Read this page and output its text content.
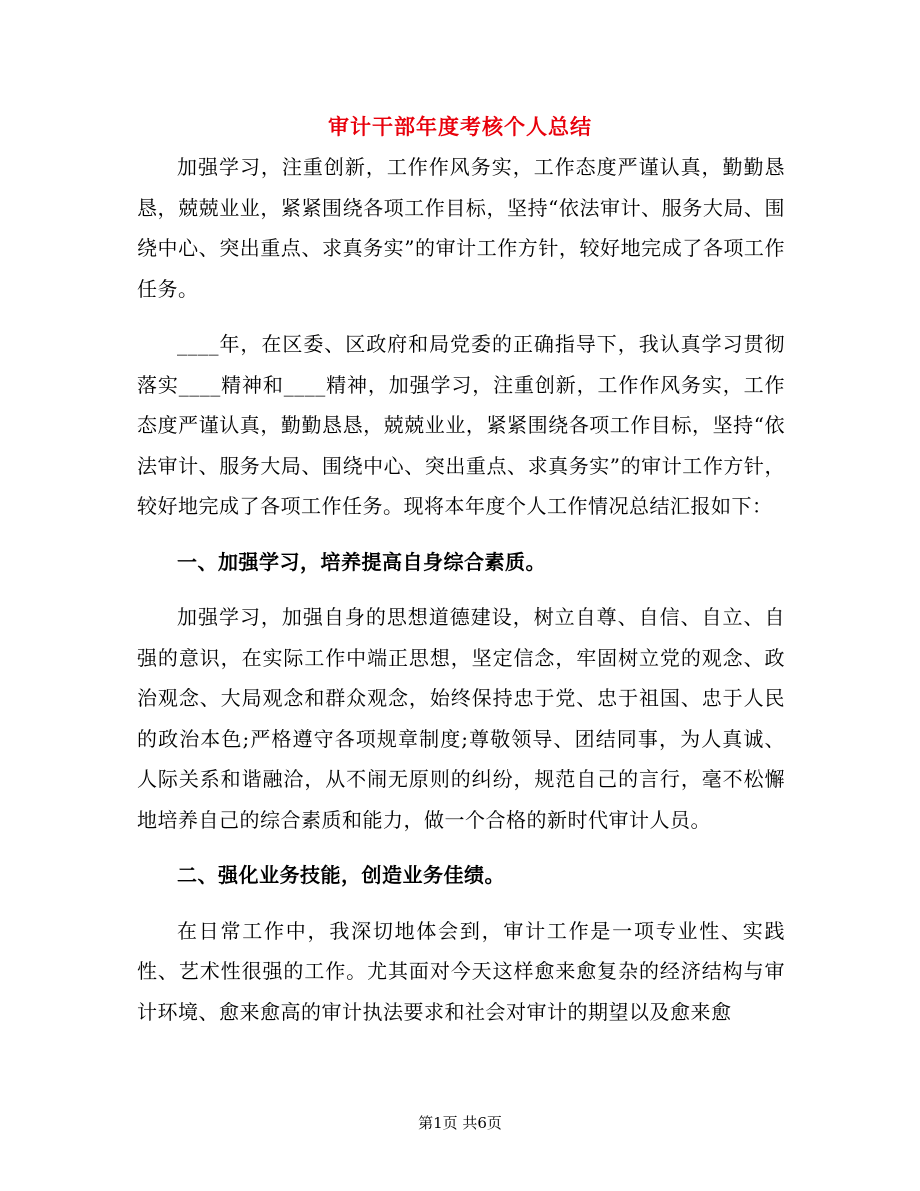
审计干部年度考核个人总结

加强学习，注重创新，工作作风务实，工作态度严谨认真，勤勤恳恳，兢兢业业，紧紧围绕各项工作目标，坚持“依法审计、服务大局、围绕中心、突出重点、求真务实”的审计工作方针，较好地完成了各项工作任务。

____年，在区委、区政府和局党委的正确指导下，我认真学习贯彻落实____精神和____精神，加强学习，注重创新，工作作风务实，工作态度严谨认真，勤勤恳恳，兢兢业业，紧紧围绕各项工作目标，坚持“依法审计、服务大局、围绕中心、突出重点、求真务实”的审计工作方针，较好地完成了各项工作任务。现将本年度个人工作情况总结汇报如下：

一、加强学习，培养提高自身综合素质。

加强学习，加强自身的思想道德建设，树立自尊、自信、自立、自强的意识，在实际工作中端正思想，坚定信念，牢固树立党的观念、政治观念、大局观念和群众观念，始终保持忠于党、忠于祖国、忠于人民的政治本色;严格遵守各项规章制度;尊敬领导、团结同事，为人真诚、人际关系和谐融洽，从不闹无原则的纠纷，规范自己的言行，毫不松懈地培养自己的综合素质和能力，做一个合格的新时代审计人员。

二、强化业务技能，创造业务佳绩。

在日常工作中，我深切地体会到，审计工作是一项专业性、实践性、艺术性很强的工作。尤其面对今天这样愈来愈复杂的经济结构与审计环境、愈来愈高的审计执法要求和社会对审计的期望以及愈来愈

第1页 共6页
